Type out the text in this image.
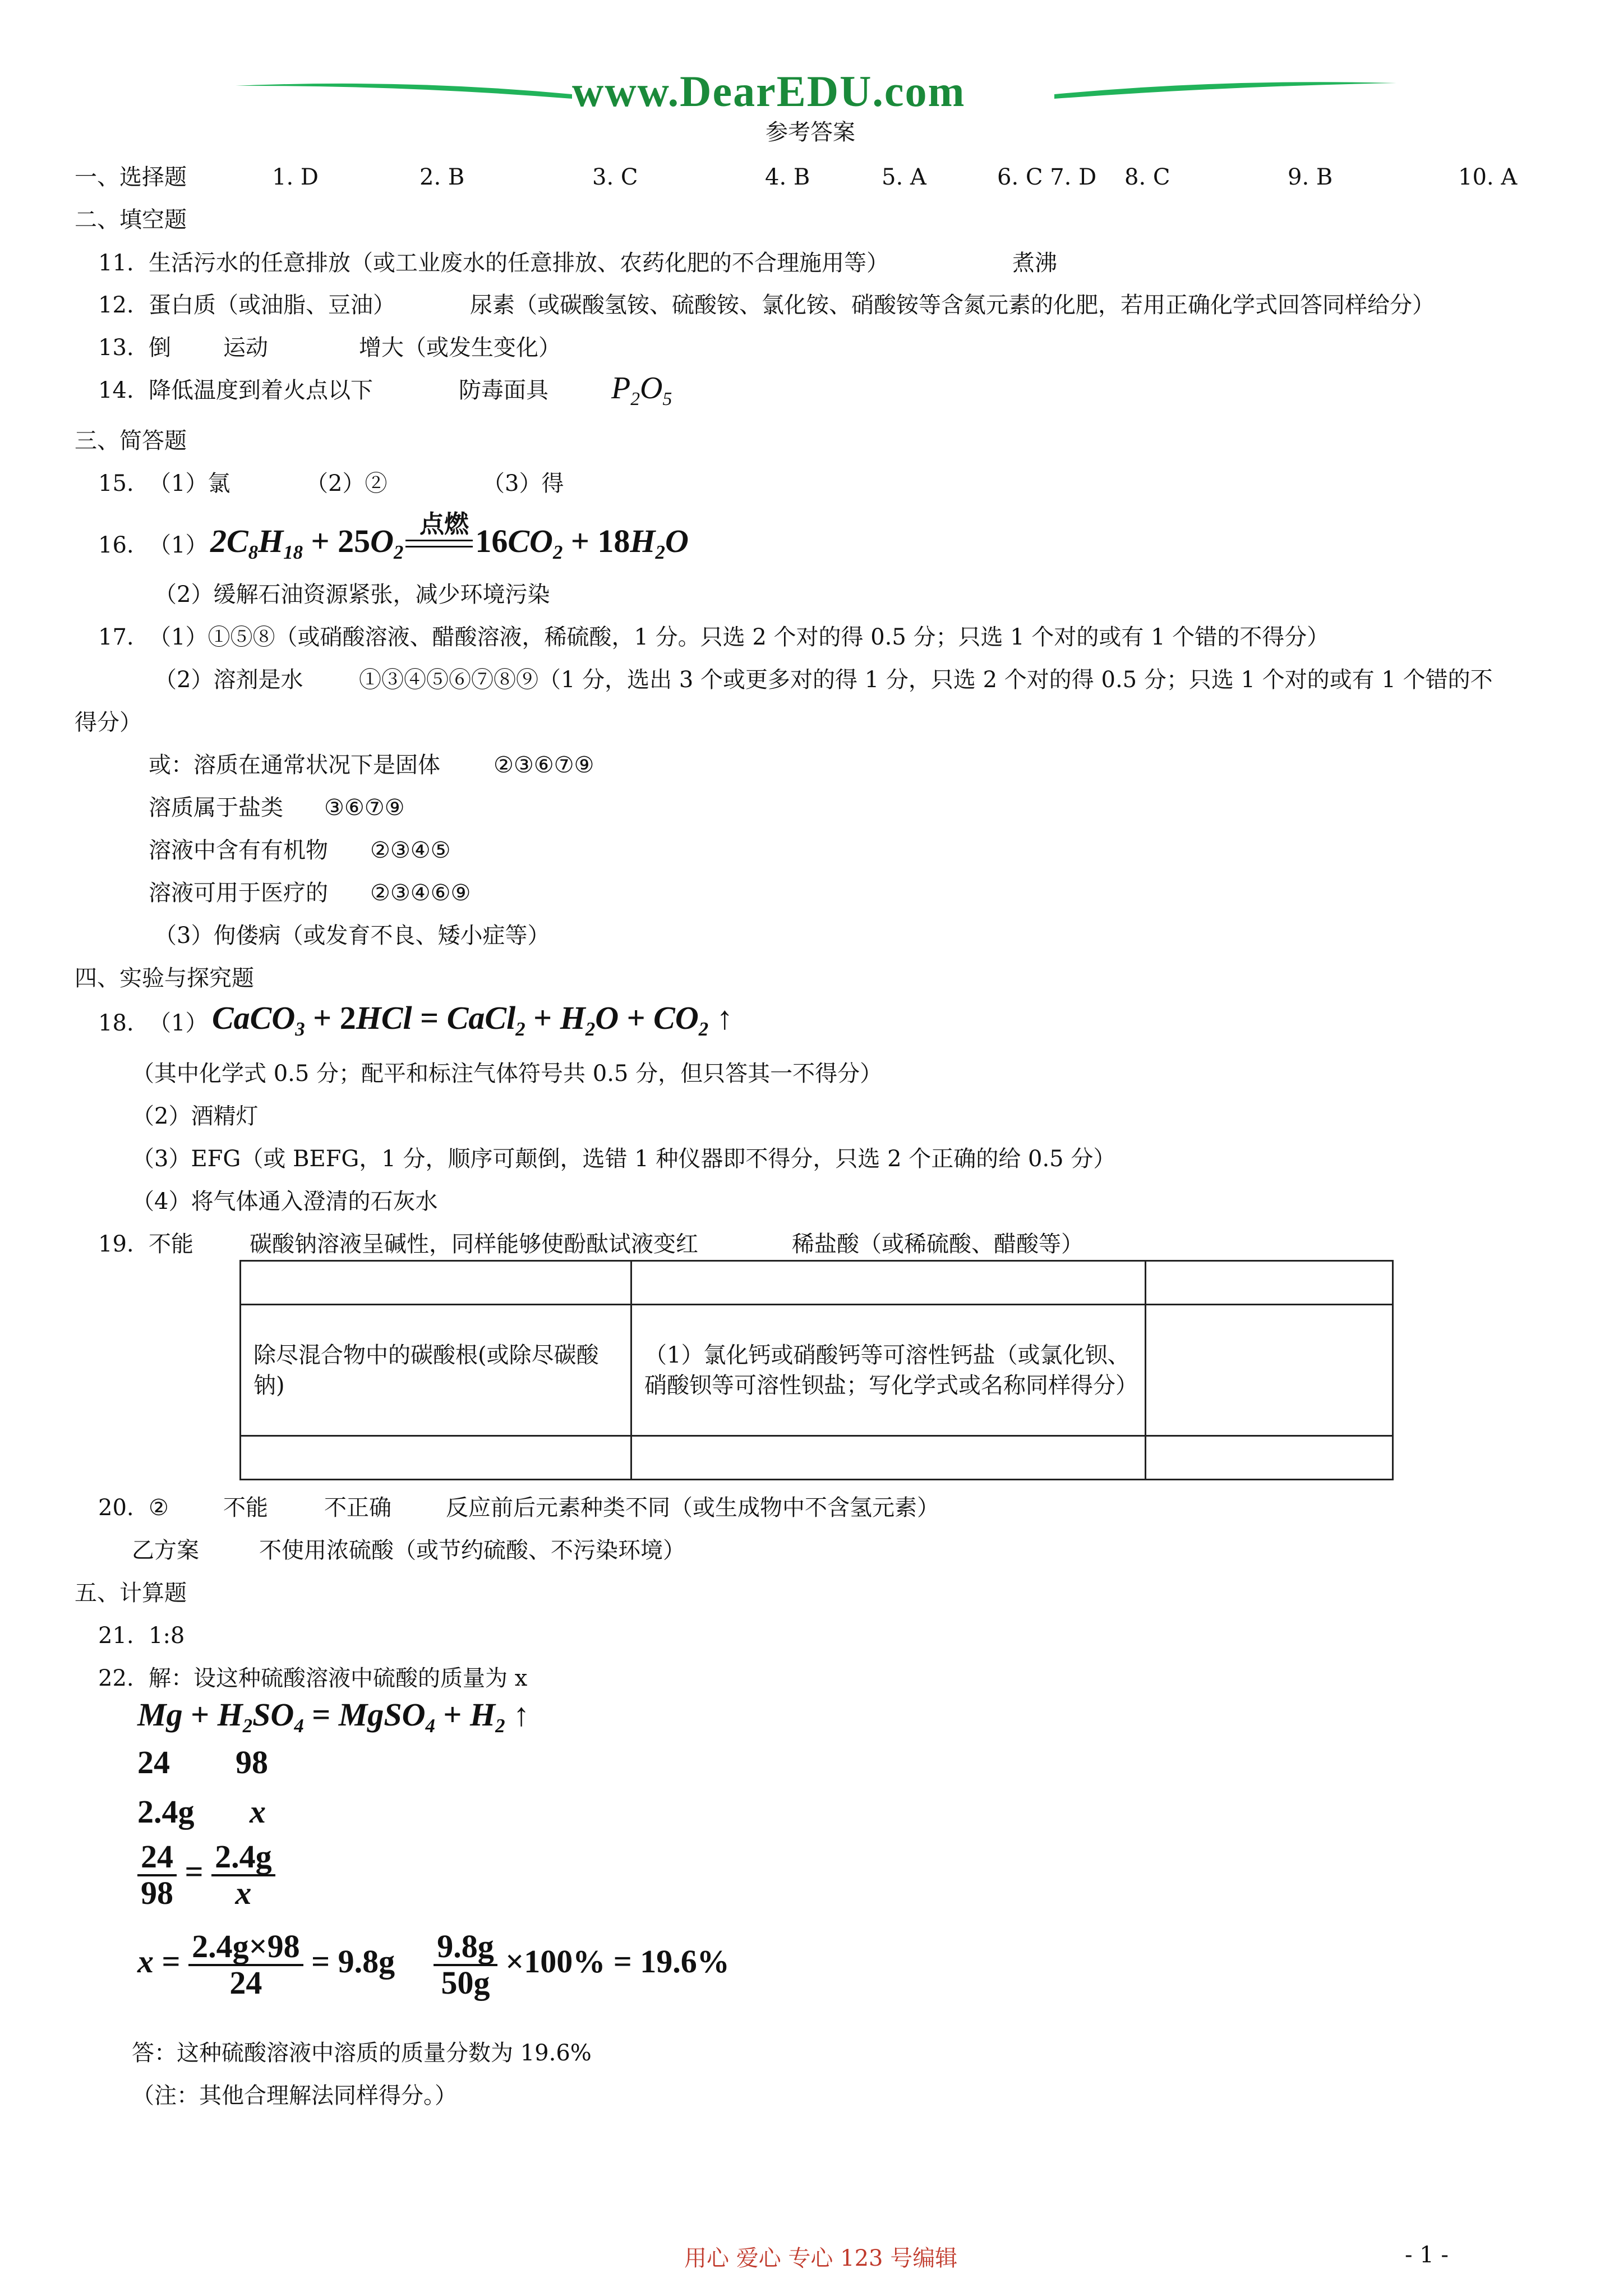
www.DearEDU.com
参考答案
一、选择题	1. D	2. B	3. C	4. B	5. A	6. C 7. D 8. C	9. B	10. A
二、填空题
11. 生活污水的任意排放（或工业废水的任意排放、农药化肥的不合理施用等）	煮沸
12. 蛋白质（或油脂、豆油）	尿素（或碳酸氢铵、硫酸铵、氯化铵、硝酸铵等含氮元素的化肥，若用正确化学式回答同样给分）
13. 倒 运动	增大（或发生变化）
14. 降低温度到着火点以下	防毒面具 $P_2O_5$
三、简答题
15. （1）氯	（2）②	（3）得
16. （1）
点燃
$2C_8H_{18} + 25O_2$ $16CO_2 + 18H_2O$
（2）缓解石油资源紧张，减少环境污染
17. （1）①⑤⑧（或硝酸溶液、醋酸溶液，稀硫酸，1 分。只选 2 个对的得 0.5 分；只选 1 个对的或有 1 个错的不得分）
（2）溶剂是水 ①③④⑤⑥⑦⑧⑨（1 分，选出 3 个或更多对的得 1 分，只选 2 个对的得 0.5 分；只选 1 个对的或有 1 个错的不
得分）
或：溶质在通常状况下是固体 ②③⑥⑦⑨
溶质属于盐类 ③⑥⑦⑨
溶液中含有有机物 ②③④⑤
溶液可用于医疗的 ②③④⑥⑨
（3）佝偻病（或发育不良、矮小症等）
四、实验与探究题
18. （1） CaCO$_3$ + 2HCl = CaCl$_2$ + $H_2O + CO_2$ ↑
（其中化学式 0.5 分；配平和标注气体符号共 0.5 分，但只答其一不得分）
（2）酒精灯
（3）EFG（或 BEFG，1 分，顺序可颠倒，选错 1 种仪器即不得分，只选 2 个正确的给 0.5 分）
（4）将气体通入澄清的石灰水
19. 不能	碳酸钠溶液呈碱性，同样能够使酚酞试液变红	稀盐酸（或稀硫酸、醋酸等）

除尽混合物中的碳酸根(或除尽碳酸钠)	（1）氯化钙或硝酸钙等可溶性钙盐（或氯化钡、硝酸钡等可溶性钡盐；写化学式或名称同样得分）	

20. ② 不能	不正确 反应前后元素种类不同（或生成物中不含氢元素）
乙方案	不使用浓硫酸（或节约硫酸、不污染环境）
五、计算题
21. 1:8
22. 解：设这种硫酸溶液中硫酸的质量为 x
$Mg + H_2SO_4$ = MgSO$_4$ + $H_2$ ↑
24 98
2.4g x
$\frac{24}{98} = \frac{2.4g}{x}$
$x = \frac{2.4g\times 98}{24} = 9.8g \frac{9.8g}{50g} \times 100\% = 19.6\%$
答：这种硫酸溶液中溶质的质量分数为 19.6%
（注：其他合理解法同样得分。）
用心 爱心 专心 123 号编辑	- 1 -
